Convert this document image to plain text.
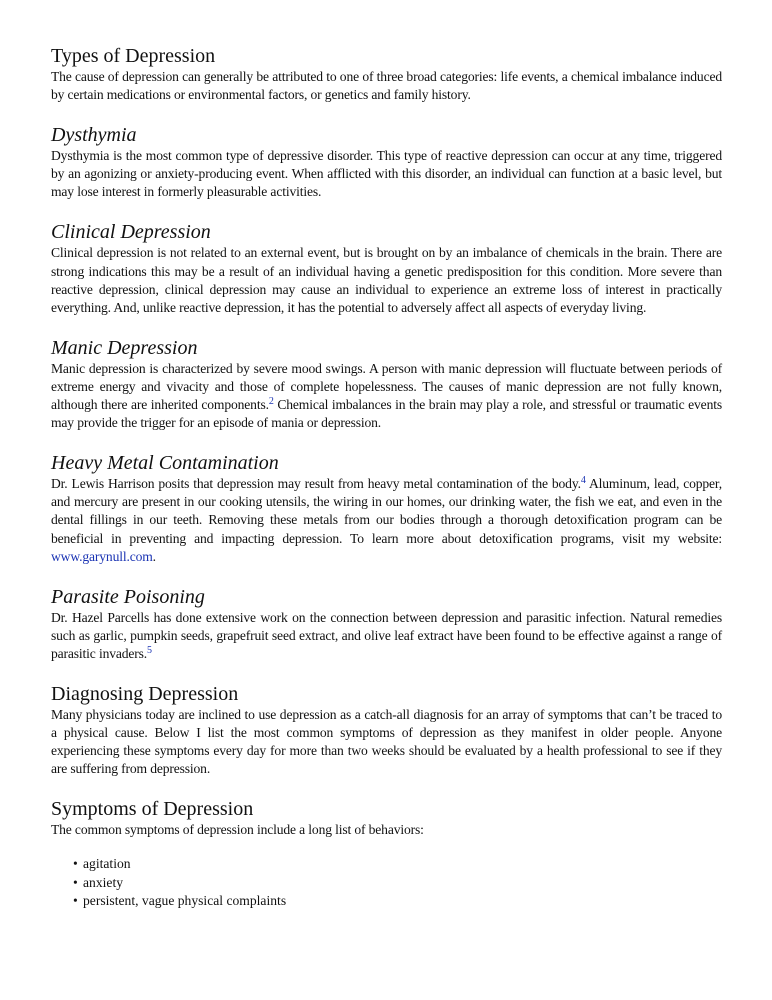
Types of Depression

The cause of depression can generally be attributed to one of three broad categories: life events, a chemical imbalance induced by certain medications or environmental factors, or genetics and family history.

Dysthymia

Dysthymia is the most common type of depressive disorder. This type of reactive depression can occur at any time, triggered by an agonizing or anxiety-producing event. When afflicted with this disorder, an individual can function at a basic level, but may lose interest in formerly pleasurable activities.

Clinical Depression

Clinical depression is not related to an external event, but is brought on by an imbalance of chemicals in the brain. There are strong indications this may be a result of an individual having a genetic predisposition for this condition. More severe than reactive depression, clinical depression may cause an individual to experience an extreme loss of interest in practically everything. And, unlike reactive depression, it has the potential to adversely affect all aspects of everyday living.

Manic Depression

Manic depression is characterized by severe mood swings. A person with manic depression will fluctuate between periods of extreme energy and vivacity and those of complete hopelessness. The causes of manic depression are not fully known, although there are inherited components.$^2$ Chemical imbalances in the brain may play a role, and stressful or traumatic events may provide the trigger for an episode of mania or depression.

Heavy Metal Contamination

Dr. Lewis Harrison posits that depression may result from heavy metal contamination of the body.$^4$ Aluminum, lead, copper, and mercury are present in our cooking utensils, the wiring in our homes, our drinking water, the fish we eat, and even in the dental fillings in our teeth. Removing these metals from our bodies through a thorough detoxification program can be beneficial in preventing and impacting depression. To learn more about detoxification programs, visit my website: www.garynull.com.

Parasite Poisoning

Dr. Hazel Parcells has done extensive work on the connection between depression and parasitic infection. Natural remedies such as garlic, pumpkin seeds, grapefruit seed extract, and olive leaf extract have been found to be effective against a range of parasitic invaders.$^5$

Diagnosing Depression

Many physicians today are inclined to use depression as a catch-all diagnosis for an array of symptoms that can’t be traced to a physical cause. Below I list the most common symptoms of depression as they manifest in older people. Anyone experiencing these symptoms every day for more than two weeks should be evaluated by a health professional to see if they are suffering from depression.

Symptoms of Depression

The common symptoms of depression include a long list of behaviors:

• agitation
• anxiety
• persistent, vague physical complaints
